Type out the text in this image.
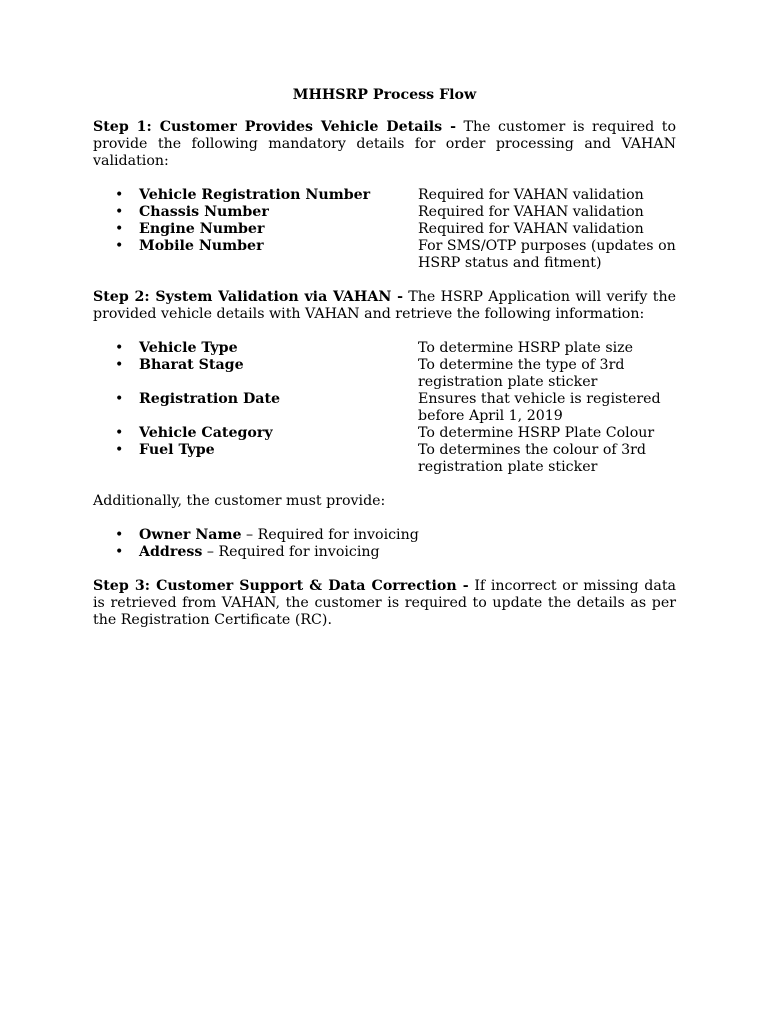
MHHSRP Process Flow

Step 1: Customer Provides Vehicle Details - The customer is required to provide the following mandatory details for order processing and VAHAN validation:

• Vehicle Registration Number	Required for VAHAN validation
• Chassis Number	Required for VAHAN validation
• Engine Number	Required for VAHAN validation
• Mobile Number	For SMS/OTP purposes (updates on HSRP status and fitment)

Step 2: System Validation via VAHAN - The HSRP Application will verify the provided vehicle details with VAHAN and retrieve the following information:

• Vehicle Type	To determine HSRP plate size
• Bharat Stage	To determine the type of 3rd registration plate sticker
• Registration Date	Ensures that vehicle is registered before April 1, 2019
• Vehicle Category	To determine HSRP Plate Colour
• Fuel Type	To determines the colour of 3rd registration plate sticker

Additionally, the customer must provide:

• Owner Name – Required for invoicing
• Address – Required for invoicing

Step 3: Customer Support & Data Correction - If incorrect or missing data is retrieved from VAHAN, the customer is required to update the details as per the Registration Certificate (RC).
